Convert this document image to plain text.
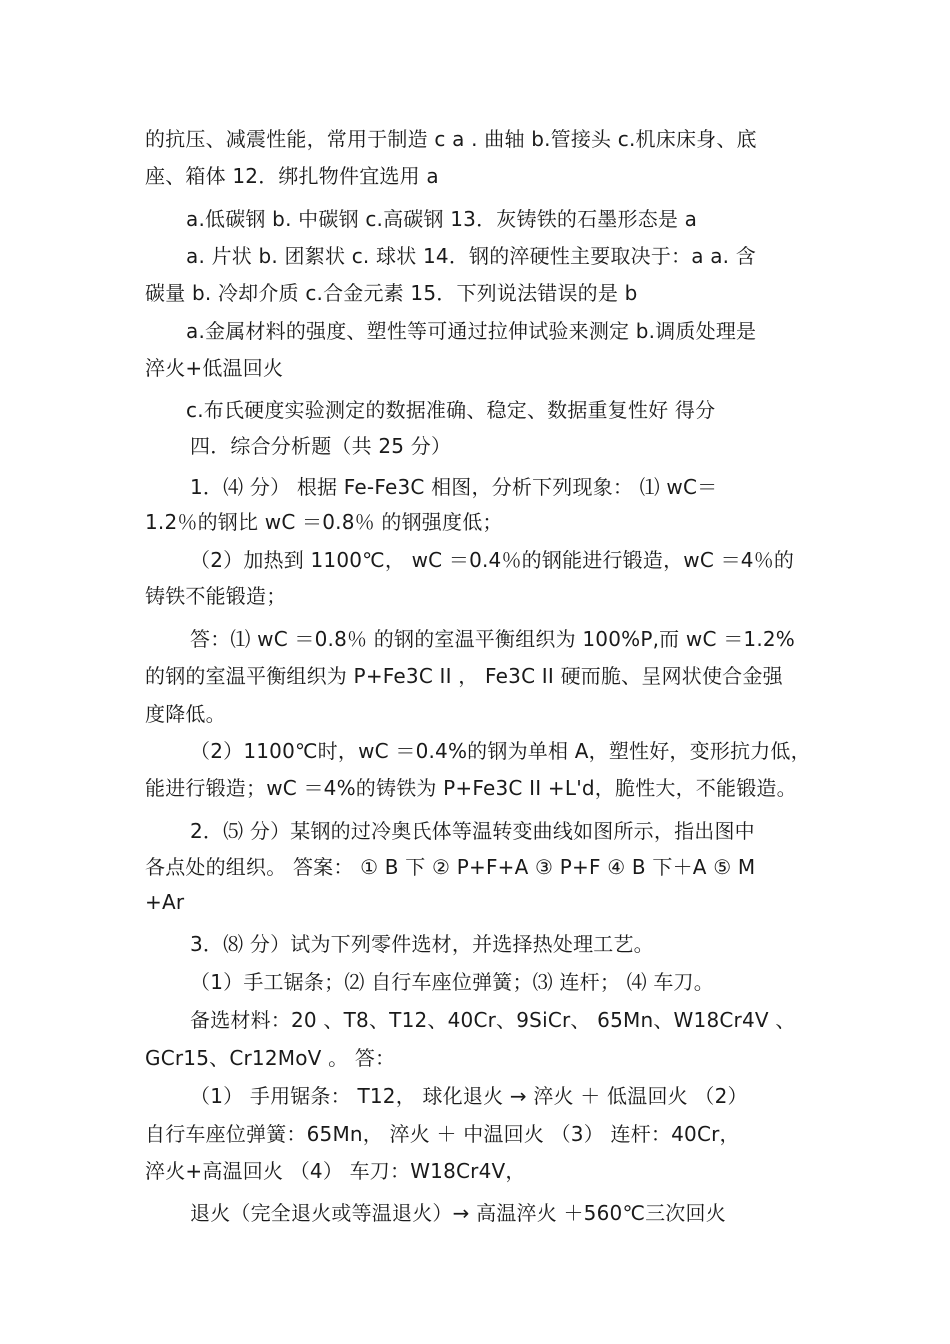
的抗压、减震性能，常用于制造 c a . 曲轴 b.管接头 c.机床床身、底
座、箱体 12．绑扎物件宜选用 a
a.低碳钢 b. 中碳钢 c.高碳钢 13．灰铸铁的石墨形态是 a
a. 片状 b. 团絮状 c. 球状 14．钢的淬硬性主要取决于：a a. 含
碳量 b. 冷却介质 c.合金元素 15．下列说法错误的是 b
a.金属材料的强度、塑性等可通过拉伸试验来测定 b.调质处理是
淬火+低温回火
c.布氏硬度实验测定的数据准确、稳定、数据重复性好 得分
四．综合分析题（共 25 分）
1．⑷ 分） 根据 Fe-Fe3C 相图，分析下列现象： ⑴ wC＝
1.2％的钢比 wC ＝0.8％ 的钢强度低；
（2）加热到 1100℃， wC ＝0.4％的钢能进行锻造，wC ＝4％的
铸铁不能锻造；
答：⑴ wC ＝0.8％ 的钢的室温平衡组织为 100%P,而 wC ＝1.2%
的钢的室温平衡组织为 P+Fe3C II ， Fe3C II 硬而脆、呈网状使合金强
度降低。
（2）1100℃时，wC ＝0.4%的钢为单相 A，塑性好，变形抗力低，
能进行锻造；wC ＝4%的铸铁为 P+Fe3C II +L'd，脆性大，不能锻造。
2．⑸ 分）某钢的过冷奥氏体等温转变曲线如图所示，指出图中
各点处的组织。 答案： ① B 下 ② P+F+A ③ P+F ④ B 下＋A ⑤ M
+Ar
3．⑻ 分）试为下列零件选材，并选择热处理工艺。
（1）手工锯条；⑵ 自行车座位弹簧；⑶ 连杆； ⑷ 车刀。
备选材料：20 、T8、T12、40Cr、9SiCr、 65Mn、W18Cr4V 、
GCr15、Cr12MoV 。 答：
（1） 手用锯条： T12， 球化退火 → 淬火 ＋ 低温回火 （2）
自行车座位弹簧：65Mn， 淬火 ＋ 中温回火 （3） 连杆：40Cr，
淬火+高温回火 （4） 车刀：W18Cr4V，
退火（完全退火或等温退火）→ 高温淬火 ＋560℃三次回火
